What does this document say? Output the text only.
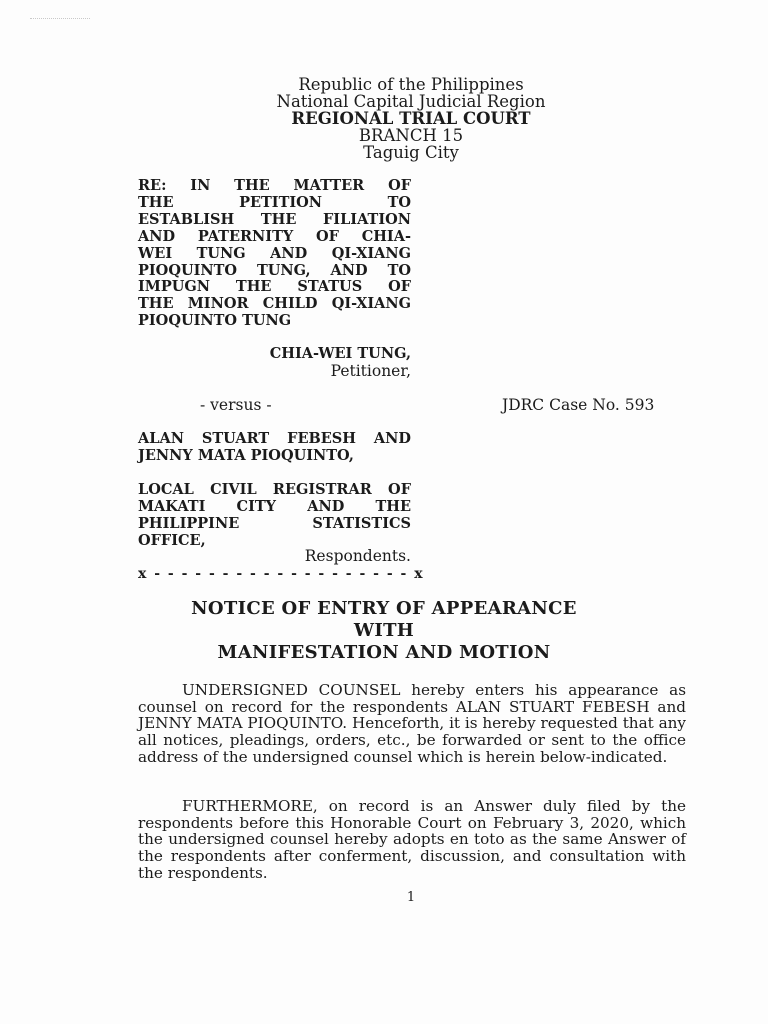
Republic of the Philippines
National Capital Judicial Region
REGIONAL TRIAL COURT
BRANCH 15
Taguig City
RE: IN THE MATTER OF
THE PETITION TO
ESTABLISH THE FILIATION
AND PATERNITY OF CHIA-
WEI TUNG AND QI-XIANG
PIOQUINTO TUNG, AND TO
IMPUGN THE STATUS OF
THE MINOR CHILD QI-XIANG
PIOQUINTO TUNG
CHIA-WEI TUNG,
Petitioner,
- versus -	JDRC Case No. 593
ALAN STUART FEBESH AND
JENNY MATA PIOQUINTO,
LOCAL CIVIL REGISTRAR OF
MAKATI CITY AND THE
PHILIPPINE STATISTICS
OFFICE,
Respondents.
x - - - - - - - - - - - - - - - - - - - x
NOTICE OF ENTRY OF APPEARANCE
WITH
MANIFESTATION AND MOTION
UNDERSIGNED COUNSEL hereby enters his appearance as counsel on record for the respondents ALAN STUART FEBESH and JENNY MATA PIOQUINTO. Henceforth, it is hereby requested that any all notices, pleadings, orders, etc., be forwarded or sent to the office address of the undersigned counsel which is herein below-indicated.
FURTHERMORE, on record is an Answer duly filed by the respondents before this Honorable Court on February 3, 2020, which the undersigned counsel hereby adopts en toto as the same Answer of the respondents after conferment, discussion, and consultation with the respondents.
1
